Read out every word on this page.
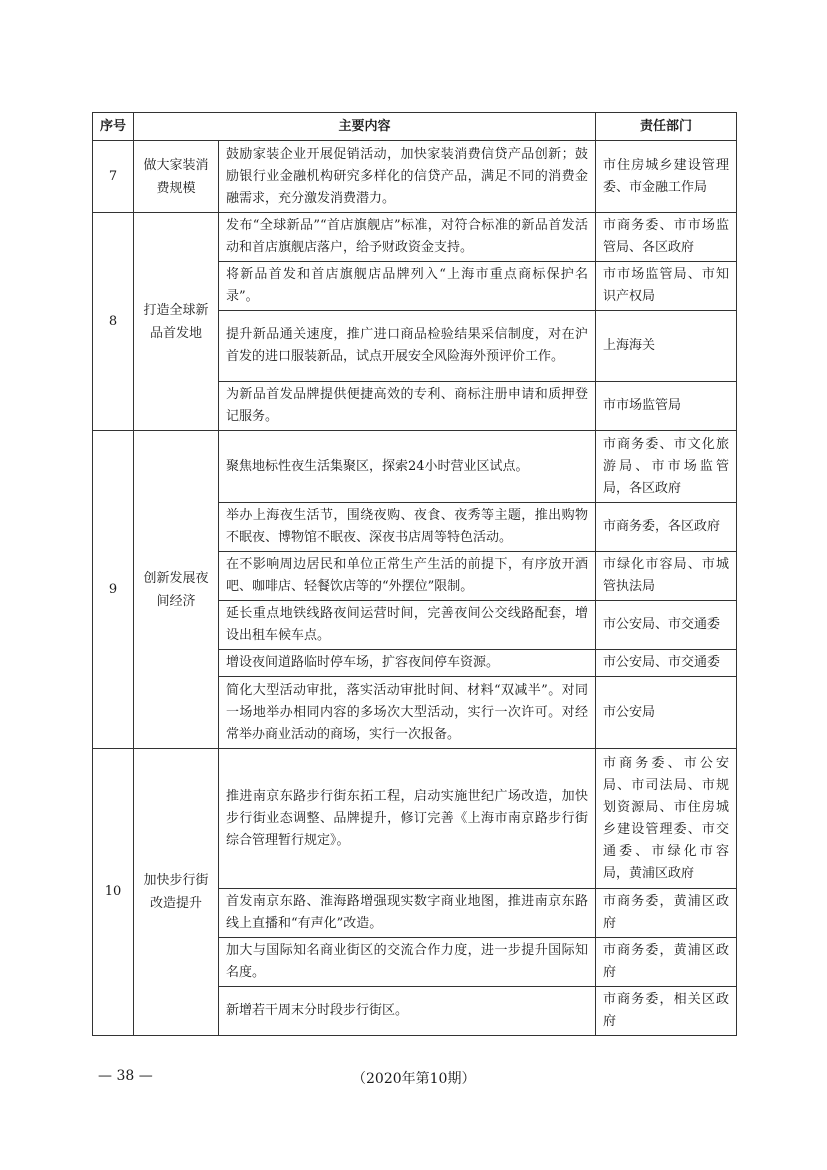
序号	主要内容		责任部门
7	做大家装消费规模	鼓励家装企业开展促销活动，加快家装消费信贷产品创新；鼓励银行业金融机构研究多样化的信贷产品，满足不同的消费金融需求，充分激发消费潜力。	市住房城乡建设管理委、市金融工作局
8	打造全球新品首发地	发布“全球新品”“首店旗舰店”标准，对符合标准的新品首发活动和首店旗舰店落户，给予财政资金支持。	市商务委、市市场监管局、各区政府
		将新品首发和首店旗舰店品牌列入“上海市重点商标保护名录”。	市市场监管局、市知识产权局
		提升新品通关速度，推广进口商品检验结果采信制度，对在沪首发的进口服装新品，试点开展安全风险海外预评价工作。	上海海关
		为新品首发品牌提供便捷高效的专利、商标注册申请和质押登记服务。	市市场监管局
9	创新发展夜间经济	聚焦地标性夜生活集聚区，探索24小时营业区试点。	市商务委、市文化旅游局、市市场监管局，各区政府
		举办上海夜生活节，围绕夜购、夜食、夜秀等主题，推出购物不眠夜、博物馆不眠夜、深夜书店周等特色活动。	市商务委，各区政府
		在不影响周边居民和单位正常生产生活的前提下，有序放开酒吧、咖啡店、轻餐饮店等的“外摆位”限制。	市绿化市容局、市城管执法局
		延长重点地铁线路夜间运营时间，完善夜间公交线路配套，增设出租车候车点。	市公安局、市交通委
		增设夜间道路临时停车场，扩容夜间停车资源。	市公安局、市交通委
		简化大型活动审批，落实活动审批时间、材料“双减半”。对同一场地举办相同内容的多场次大型活动，实行一次许可。对经常举办商业活动的商场，实行一次报备。	市公安局
10	加快步行街改造提升	推进南京东路步行街东拓工程，启动实施世纪广场改造，加快步行街业态调整、品牌提升，修订完善《上海市南京路步行街综合管理暂行规定》。	市商务委、市公安局、市司法局、市规划资源局、市住房城乡建设管理委、市交通委、市绿化市容局，黄浦区政府
		首发南京东路、淮海路增强现实数字商业地图，推进南京东路线上直播和“有声化”改造。	市商务委，黄浦区政府
		加大与国际知名商业街区的交流合作力度，进一步提升国际知名度。	市商务委，黄浦区政府
		新增若干周末分时段步行街区。	市商务委，相关区政府
— 38 —	（2020年第10期）
